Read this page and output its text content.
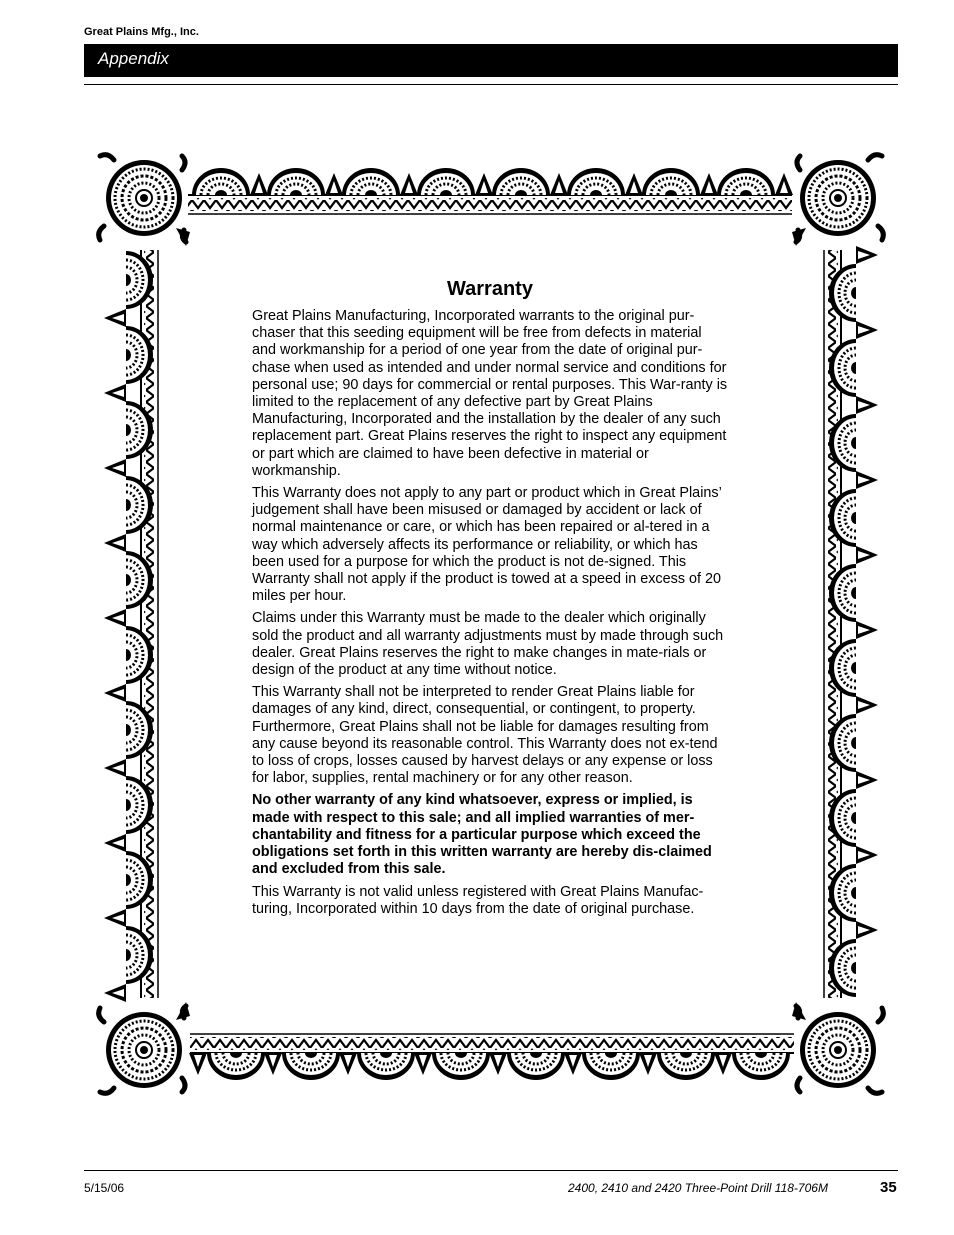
Great Plains Mfg., Inc.
Appendix
Warranty

Great Plains Manufacturing, Incorporated warrants to the original pur-chaser that this seeding equipment will be free from defects in material and workmanship for a period of one year from the date of original pur-chase when used as intended and under normal service and conditions for personal use; 90 days for commercial or rental purposes. This War-ranty is limited to the replacement of any defective part by Great Plains Manufacturing, Incorporated and the installation by the dealer of any such replacement part. Great Plains reserves the right to inspect any equipment or part which are claimed to have been defective in material or workmanship.

This Warranty does not apply to any part or product which in Great Plains’ judgement shall have been misused or damaged by accident or lack of normal maintenance or care, or which has been repaired or al-tered in a way which adversely affects its performance or reliability, or which has been used for a purpose for which the product is not de-signed. This Warranty shall not apply if the product is towed at a speed in excess of 20 miles per hour.

Claims under this Warranty must be made to the dealer which originally sold the product and all warranty adjustments must by made through such dealer. Great Plains reserves the right to make changes in mate-rials or design of the product at any time without notice.

This Warranty shall not be interpreted to render Great Plains liable for damages of any kind, direct, consequential, or contingent, to property. Furthermore, Great Plains shall not be liable for damages resulting from any cause beyond its reasonable control. This Warranty does not ex-tend to loss of crops, losses caused by harvest delays or any expense or loss for labor, supplies, rental machinery or for any other reason.

No other warranty of any kind whatsoever, express or implied, is made with respect to this sale; and all implied warranties of mer-chantability and fitness for a particular purpose which exceed the obligations set forth in this written warranty are hereby dis-claimed and excluded from this sale.

This Warranty is not valid unless registered with Great Plains Manufac-turing, Incorporated within 10 days from the date of original purchase.

5/15/06	2400, 2410 and 2420 Three-Point Drill 118-706M	35
